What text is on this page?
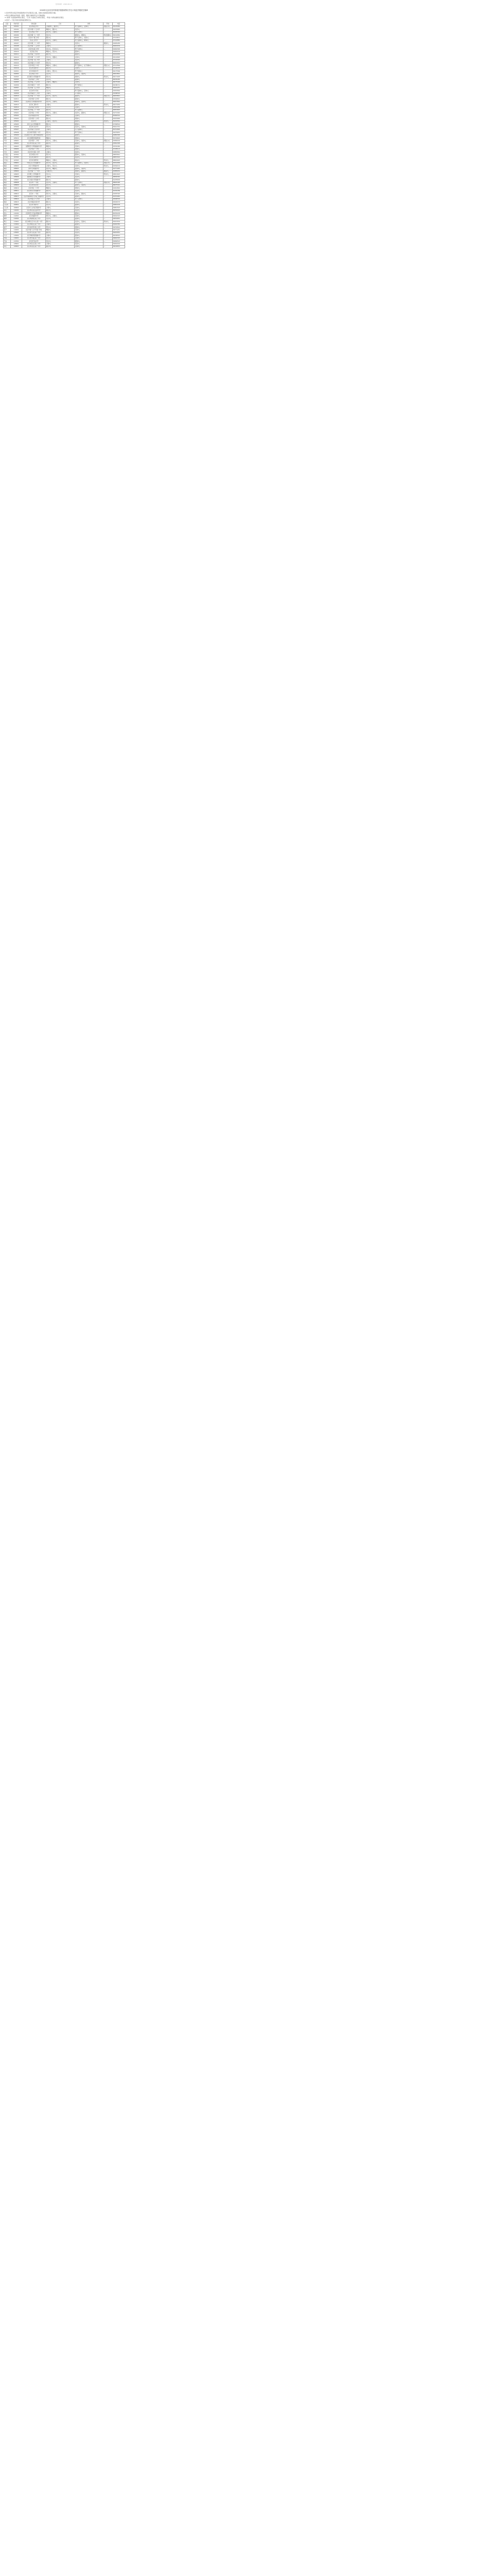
发布时间：2020-06-11
2020年北京市初中阶段学校招收特长学生计划及学校招生简章

1.表中所列为各区学校招收特长学生项目及人数，具体以各校招生简章为准。

2.特长生测试由学校统一组织，测试合格的学生方可被录取。

3.“体育”为各校体育特长项目，“艺术”为各校艺术特长项目，“科技”为科技类特长项目。

4.表中“—”表示该校未招收此类特长生。

区县	学校代码	学校名称	艺术	体育	科技	电话
东城	101001	北京市第五中学	合唱团5人，器乐5人	男子篮球2人，足球2人	机器人2人	65125961
东城	101002	北京市第六十五中学	舞蹈2人，器乐3人	田径3人	—	64076845
东城	101003	北京市第二中学	管乐3人，合唱2人	男子足球3人	—	65245301
东城	101004	北京市第一七一中学	民乐3人	篮球2人，排球2人	科技创新2人	84112961
东城	101005	北京市广渠门中学	器乐4人	男子足球2人，田径2人	—	67123671
东城	101006	北京汇文中学	管乐3人，合唱2人	男子篮球2人，棒球2人	—	67122881
东城	101007	北京市第二十二中学	舞蹈3人	田径2人	航模2人	64045283
东城	101008	北京市第一二五中学	合唱3人	女子排球3人	—	84023150
东城	101009	北京市东直门中学	弦乐4人，打击乐2人	男子足球3人	—	64042302
东城	101010	北京景山学校	舞蹈2人，民乐2人	篮球2人	—	64042102
东城	101011	北京市第二十四中学	器乐3人	游泳2人	—	65222930
东城	101012	北京市第一六六中学	民乐3人，戏剧2人	击剑2人	—	65122645
东城	101013	北京市第一四二中学	合唱2人	田径3人	—	67154322
东城	101014	北京市第九十六中学	管乐2人	篮球2人	—	84013311
东城	101015	北京市第五十中学	舞蹈2人，合唱2人	男子篮球3人，女子排球2人	机器人2人	67113564
东城	101016	北京市龙潭中学	器乐2人	足球2人	—	67116723
西城	102001	北京市第四中学	合唱3人，管乐2人	男子篮球2人	—	66175566
西城	102002	北京市第八中学	弦乐3人	游泳2人，田径2人	—	66013821
西城	102003	北京师范大学附属中学	管乐4人	排球3人	科技2人	66171003
西城	102004	北京市第十三中学	民乐2人	篮球2人	—	66181452
西城	102005	北京市第三十五中学	合唱2人，舞蹈2人	足球3人	—	66175402
西城	102006	北京市第四十一中学	器乐3人	男子排球2人	—	66186711
西城	102007	北京市第一五六中学	舞蹈3人	田径2人	—	83541257
西城	102008	北京市育才学校	民乐3人	男子篮球2人，足球2人	—	63033562
西城	102009	北京市第四十三中学	合唱2人	乒乓球2人	—	63268310
西城	102010	北京市第一六一中学	管乐3人，弦乐2人	游泳2人	机器人2人	66033821
西城	102011	北京市第十五中学	器乐2人	篮球2人	—	63546812
西城	102012	北京师范大学附属实验中学	管乐3人，合唱3人	排球2人，击剑2人	—	66037801
西城	102013	北京市三帆中学	合唱2人	篮球2人	科技2人	66171932
西城	102014	北京市第十四中学	民乐2人	足球2人	—	63541260
西城	102015	北京市第三十一中学	器乐2人	男子篮球2人	—	66051823
朝阳	105001	北京市第八十中学	管乐3人，合唱2人	田径3人，篮球2人	机器人2人	64713491
朝阳	105002	北京市陈经纶中学	舞蹈3人	足球2人	—	85963312
朝阳	105003	北京市第十七中学	器乐2人	排球2人	—	65015683
朝阳	105004	北京中学	合唱2人，弦乐2人	游泳2人	科技2人	84291561
朝阳	105005	北京工业大学附属中学	器乐3人	篮球2人	—	67392512
朝阳	105006	北京市日坛中学	管乐2人	田径2人，足球2人	—	85613742
朝阳	105007	北京市第九十四中学	合唱2人	女子篮球2人	—	85741820
朝阳	105008	北京市和平街第一中学	管乐3人	男子足球2人	—	64279931
朝阳	105009	北京师范大学三帆中学朝阳学校	民乐2人	篮球2人	—	64861320
朝阳	105010	北京市朝阳外国语学校	舞蹈2人	排球2人	—	85719625
丰台	106001	北京市第十二中学	管乐3人，合唱2人	足球2人，田径2人	机器人2人	63820162
丰台	106002	北京市丰台区第二中学	器乐2人	篮球2人	—	63812305
丰台	106003	首都师范大学附属丽泽中学	舞蹈2人	足球2人	—	63310462
丰台	106004	北京市第十八中学	民乐2人	排球2人	—	67205113
丰台	106005	北京市丰台第八中学	合唱2人	田径2人	—	63852561
石景山	107001	北京市第九中学	管乐3人	篮球2人，足球2人	—	68879541
石景山	107002	北京市古城中学	器乐2人	田径2人	—	68874312
石景山	107003	北京市京源学校	舞蹈2人，合唱2人	游泳2人	科技2人	88691625
海淀	108001	中国人民大学附属中学	管乐4人，弦乐3人	男子篮球2人，田径3人	机器人3人	62512094
海淀	108002	北京大学附属中学	合唱3人，民乐2人	足球3人	科技2人	62562101
海淀	108003	清华大学附属中学	管乐3人，舞蹈2人	篮球3人，田径2人	—	62771045
海淀	108004	北京市第一〇一中学	交响乐3人	排球2人，游泳2人	航模2人	62883201
海淀	108005	北京理工大学附属中学	民乐3人	足球2人	科技2人	68911623
海淀	108006	首都师范大学附属中学	合唱3人	田径2人	—	68902342
海淀	108007	北京交通大学附属中学	器乐2人	篮球2人	—	62255630
海淀	108008	北京市十一学校	弦乐3人，合唱2人	男子足球3人	机器人2人	88625495
海淀	108009	北京市育英学校	管乐3人	篮球2人，田径2人	—	88275321
海淀	108010	北京市第二十中学	舞蹈2人	排球2人	—	62912801
海淀	108011	北京科技大学附属中学	器乐2人	田径2人	—	62332760
海淀	108012	北京市八一学校	管乐3人，合唱2人	足球2人，游泳2人	—	62587325
海淀	108013	北京市首都师范大学第二附属中学	民乐2人	篮球2人	—	62331942
海淀	108014	北京市第五十七中学	合唱2人	男子足球2人	—	68460530
海淀	108015	北京市海淀实验中学	器乐2人	田径2人	—	68420153
门头沟	109001	北京市大峪中学	管乐2人	篮球2人	—	69843218
门头沟	109002	北京市门头沟区育园中学	合唱2人	足球2人	—	69841523
房山	111001	北京市房山区良乡中学	器乐2人	田径2人	—	89352012
房山	111002	北京师范大学良乡附属中学	舞蹈2人	篮球2人	—	80352218
通州	112001	北京市潞河中学	管乐3人，合唱2人	足球2人	—	69542313
通州	112002	北京市通州区第二中学	民乐2人	篮球2人	—	69532651
顺义	113001	北京市顺义区牛栏山第一中学	器乐2人	田径2人，足球2人	科技2人	69413162
顺义	113002	北京市顺义区第一中学	合唱2人	篮球2人	—	69442381
昌平	114001	北京市昌平区第二中学	管乐2人	排球2人	—	69742612
昌平	114002	北京市第十五中学南口学校	舞蹈2人	足球2人	—	69771241
大兴	115001	北京市大兴区第一中学	器乐2人	田径2人	—	69243051
大兴	115002	北京印刷学院附属中学	合唱2人	篮球2人	—	60236521
怀柔	116001	北京市怀柔区第一中学	管乐2人	足球2人	—	69642315
平谷	117001	北京市平谷中学	民乐2人	篮球2人	—	69962513
密云	128001	北京市密云区第二中学	合唱2人	田径2人	—	69042162
延庆	129001	北京市延庆区第一中学	器乐2人	足球2人	—	69102631
